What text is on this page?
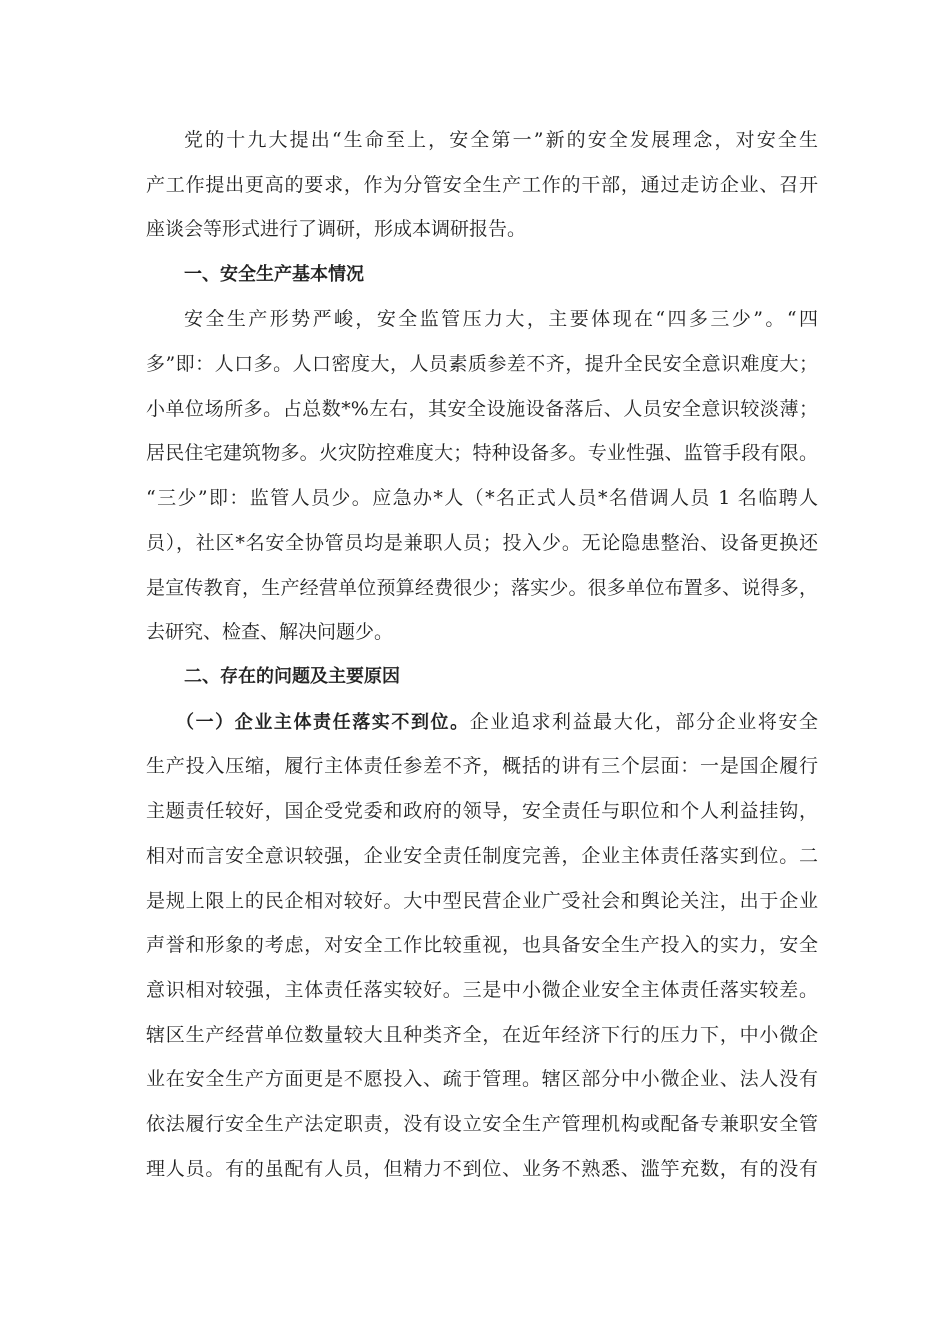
党的十九大提出“生命至上，安全第一”新的安全发展理念，对安全生
产工作提出更高的要求，作为分管安全生产工作的干部，通过走访企业、召开
座谈会等形式进行了调研，形成本调研报告。
一、安全生产基本情况
安全生产形势严峻，安全监管压力大，主要体现在“四多三少”。“四
多”即：人口多。人口密度大，人员素质参差不齐，提升全民安全意识难度大；
小单位场所多。占总数*%左右，其安全设施设备落后、人员安全意识较淡薄；
居民住宅建筑物多。火灾防控难度大；特种设备多。专业性强、监管手段有限。
“三少”即：监管人员少。应急办*人（*名正式人员*名借调人员 1 名临聘人
员），社区*名安全协管员均是兼职人员；投入少。无论隐患整治、设备更换还
是宣传教育，生产经营单位预算经费很少；落实少。很多单位布置多、说得多，
去研究、检查、解决问题少。
二、存在的问题及主要原因
（一）企业主体责任落实不到位。企业追求利益最大化，部分企业将安全
生产投入压缩，履行主体责任参差不齐，概括的讲有三个层面：一是国企履行
主题责任较好，国企受党委和政府的领导，安全责任与职位和个人利益挂钩，
相对而言安全意识较强，企业安全责任制度完善，企业主体责任落实到位。二
是规上限上的民企相对较好。大中型民营企业广受社会和舆论关注，出于企业
声誉和形象的考虑，对安全工作比较重视，也具备安全生产投入的实力，安全
意识相对较强，主体责任落实较好。三是中小微企业安全主体责任落实较差。
辖区生产经营单位数量较大且种类齐全，在近年经济下行的压力下，中小微企
业在安全生产方面更是不愿投入、疏于管理。辖区部分中小微企业、法人没有
依法履行安全生产法定职责，没有设立安全生产管理机构或配备专兼职安全管
理人员。有的虽配有人员，但精力不到位、业务不熟悉、滥竽充数，有的没有
